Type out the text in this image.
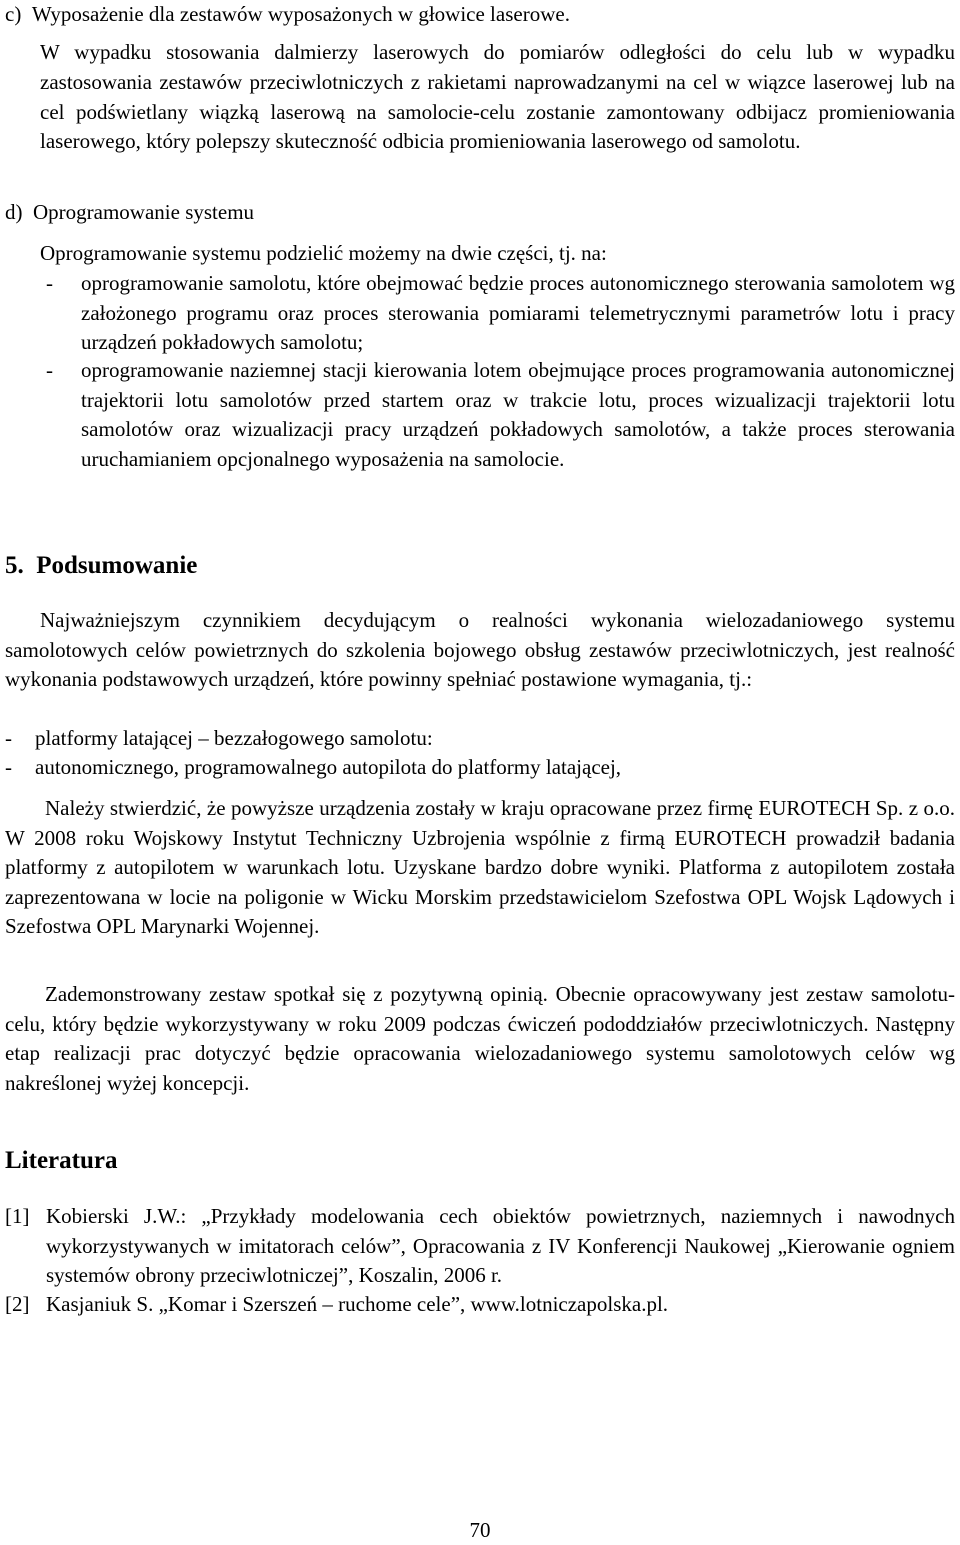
c)  Wyposażenie dla zestawów wyposażonych w głowice laserowe.

W wypadku stosowania dalmierzy laserowych do pomiarów odległości do celu lub w wypadku zastosowania zestawów przeciwlotniczych z rakietami naprowadzanymi na cel w wiązce laserowej lub na cel podświetlany wiązką laserową na samolocie-celu zostanie zamontowany odbijacz promieniowania laserowego, który polepszy skuteczność odbicia promieniowania laserowego od samolotu.

d)  Oprogramowanie systemu

Oprogramowanie systemu podzielić możemy na dwie części, tj. na:

-	oprogramowanie samolotu, które obejmować będzie proces autonomicznego sterowania samolotem wg założonego programu oraz proces sterowania pomiarami telemetrycznymi parametrów lotu i pracy urządzeń pokładowych samolotu;
-	oprogramowanie naziemnej stacji kierowania lotem obejmujące proces programowania autonomicznej trajektorii lotu samolotów przed startem oraz w trakcie lotu, proces wizualizacji trajektorii lotu samolotów oraz wizualizacji pracy urządzeń pokładowych samolotów, a także proces sterowania uruchamianiem opcjonalnego wyposażenia na samolocie.
5.  Podsumowanie

Najważniejszym czynnikiem decydującym o realności wykonania wielozadaniowego systemu samolotowych celów powietrznych do szkolenia bojowego obsług zestawów przeciwlotniczych, jest realność wykonania podstawowych urządzeń, które powinny spełniać postawione wymagania, tj.:

-	platformy latającej – bezzałogowego samolotu:
-	autonomicznego, programowalnego autopilota do platformy latającej,

Należy stwierdzić, że powyższe urządzenia zostały w kraju opracowane przez firmę EUROTECH Sp. z o.o. W 2008 roku Wojskowy Instytut Techniczny Uzbrojenia wspólnie z firmą EUROTECH prowadził badania platformy z autopilotem w warunkach lotu. Uzyskane bardzo dobre wyniki. Platforma z autopilotem została zaprezentowana w locie na poligonie w Wicku Morskim przedstawicielom Szefostwa OPL Wojsk Lądowych i Szefostwa OPL Marynarki Wojennej.

Zademonstrowany zestaw spotkał się z pozytywną opinią. Obecnie opracowywany jest zestaw samolotu-celu, który będzie wykorzystywany w roku 2009 podczas ćwiczeń pododdziałów przeciwlotniczych. Następny etap realizacji prac dotyczyć będzie opracowania wielozadaniowego systemu samolotowych celów wg nakreślonej wyżej koncepcji.

Literatura
[1] Kobierski J.W.: „Przykłady modelowania cech obiektów powietrznych, naziemnych i nawodnych wykorzystywanych w imitatorach celów”, Opracowania z IV Konferencji Naukowej „Kierowanie ogniem systemów obrony przeciwlotniczej”, Koszalin, 2006 r.
[2] Kasjaniuk S. „Komar i Szerszeń – ruchome cele”, www.lotniczapolska.pl.
70
